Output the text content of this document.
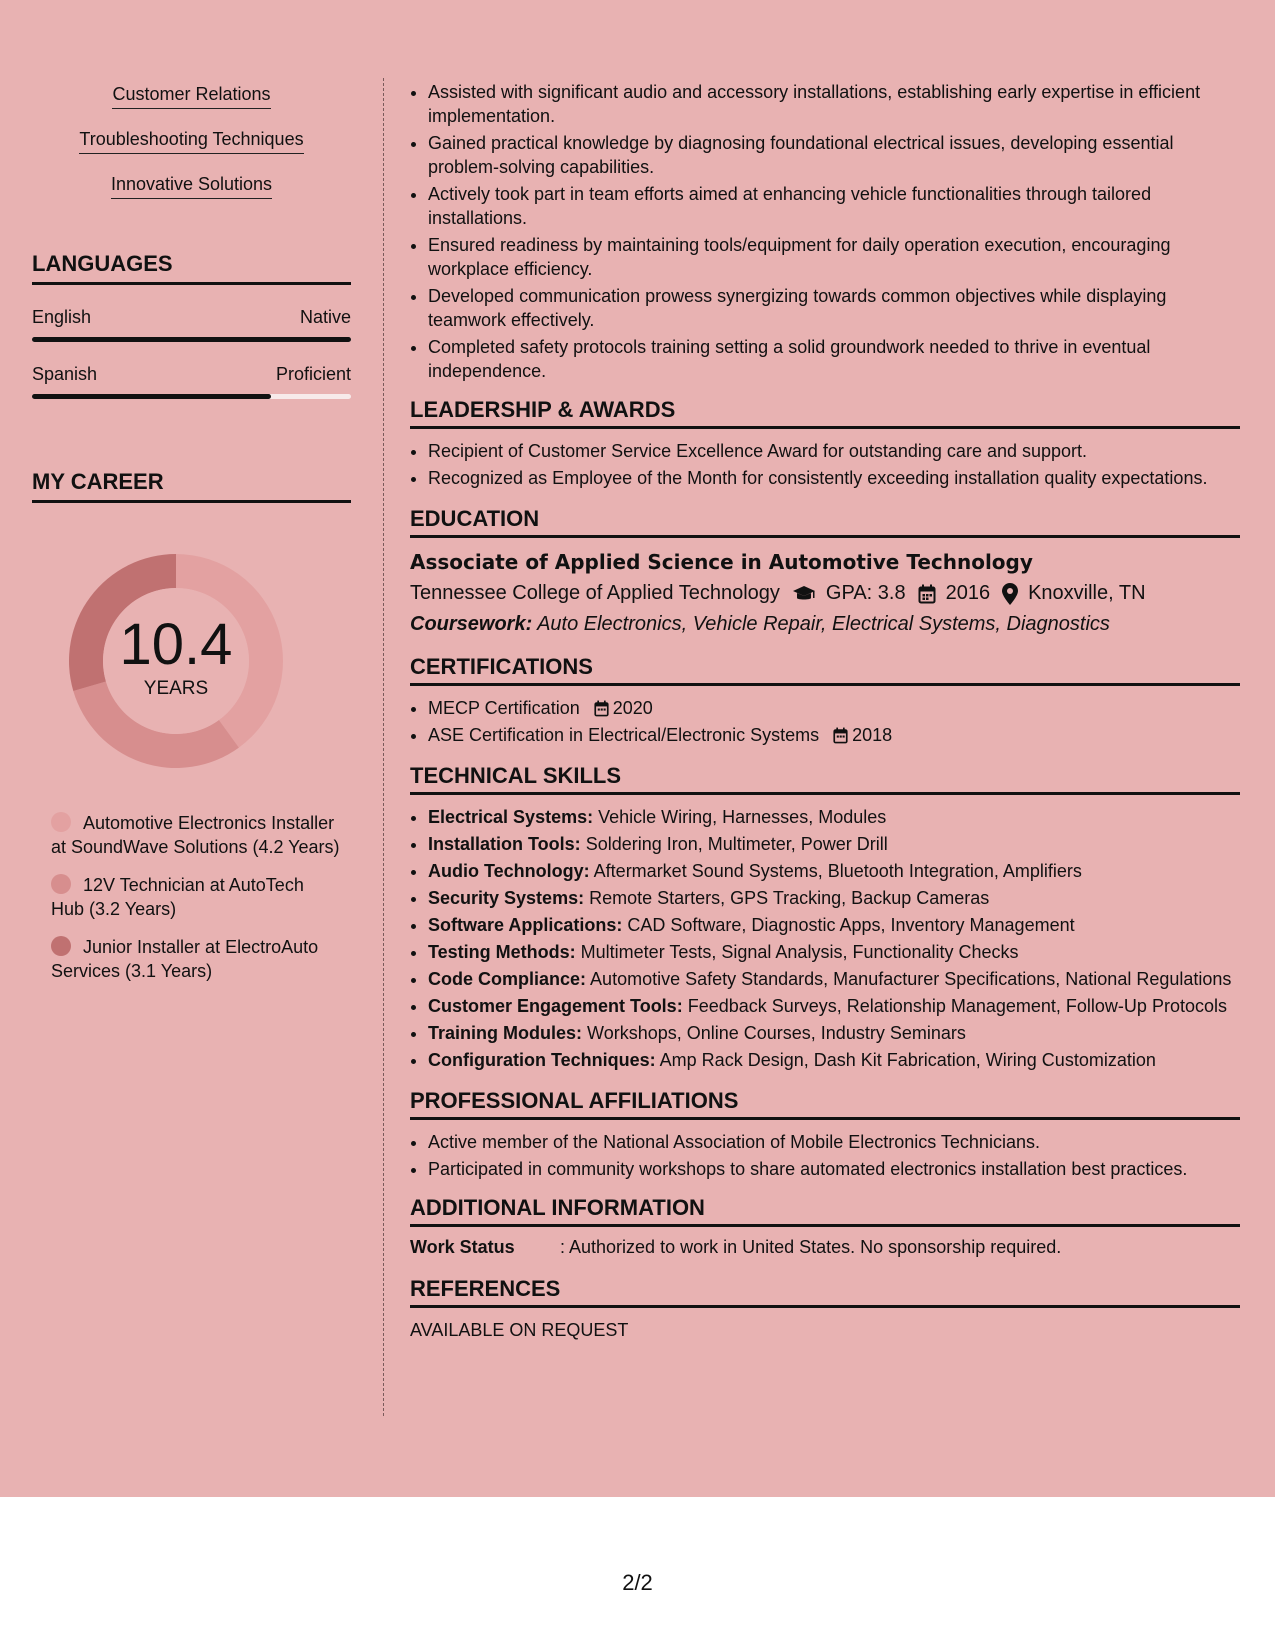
Customer Relations
Troubleshooting Techniques
Innovative Solutions
LANGUAGES
English	Native
Spanish	Proficient
MY CAREER
10.4
YEARS
Automotive Electronics Installer at SoundWave Solutions (4.2 Years)
12V Technician at AutoTech Hub (3.2 Years)
Junior Installer at ElectroAuto Services (3.1 Years)
• Assisted with significant audio and accessory installations, establishing early expertise in efficient implementation.
• Gained practical knowledge by diagnosing foundational electrical issues, developing essential problem-solving capabilities.
• Actively took part in team efforts aimed at enhancing vehicle functionalities through tailored installations.
• Ensured readiness by maintaining tools/equipment for daily operation execution, encouraging workplace efficiency.
• Developed communication prowess synergizing towards common objectives while displaying teamwork effectively.
• Completed safety protocols training setting a solid groundwork needed to thrive in eventual independence.
LEADERSHIP & AWARDS
• Recipient of Customer Service Excellence Award for outstanding care and support.
• Recognized as Employee of the Month for consistently exceeding installation quality expectations.
EDUCATION
Associate of Applied Science in Automotive Technology
Tennessee College of Applied Technology GPA: 3.8 2016 Knoxville, TN
Coursework: Auto Electronics, Vehicle Repair, Electrical Systems, Diagnostics
CERTIFICATIONS
• MECP Certification 2020
• ASE Certification in Electrical/Electronic Systems 2018
TECHNICAL SKILLS
• Electrical Systems: Vehicle Wiring, Harnesses, Modules
• Installation Tools: Soldering Iron, Multimeter, Power Drill
• Audio Technology: Aftermarket Sound Systems, Bluetooth Integration, Amplifiers
• Security Systems: Remote Starters, GPS Tracking, Backup Cameras
• Software Applications: CAD Software, Diagnostic Apps, Inventory Management
• Testing Methods: Multimeter Tests, Signal Analysis, Functionality Checks
• Code Compliance: Automotive Safety Standards, Manufacturer Specifications, National Regulations
• Customer Engagement Tools: Feedback Surveys, Relationship Management, Follow-Up Protocols
• Training Modules: Workshops, Online Courses, Industry Seminars
• Configuration Techniques: Amp Rack Design, Dash Kit Fabrication, Wiring Customization
PROFESSIONAL AFFILIATIONS
• Active member of the National Association of Mobile Electronics Technicians.
• Participated in community workshops to share automated electronics installation best practices.
ADDITIONAL INFORMATION
Work Status	: Authorized to work in United States. No sponsorship required.
REFERENCES
AVAILABLE ON REQUEST
2/2
